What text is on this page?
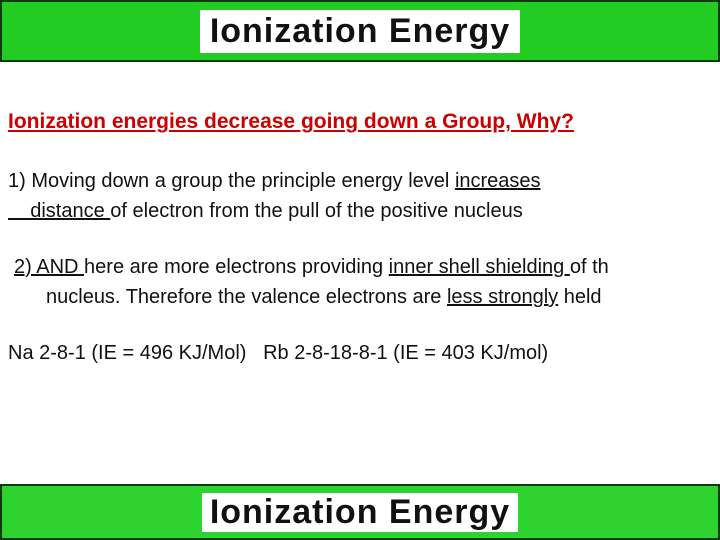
Ionization Energy
Ionization energies decrease going down a Group, Why?
1) Moving down a group the principle energy level increases
distance of electron from the pull of the positive nucleus
2) AND here are more electrons providing inner shell shielding of th
nucleus. Therefore the valence electrons are less strongly held
Na 2-8-1 (IE = 496 KJ/Mol)   Rb 2-8-18-8-1 (IE = 403 KJ/mol)
Ionization Energy
